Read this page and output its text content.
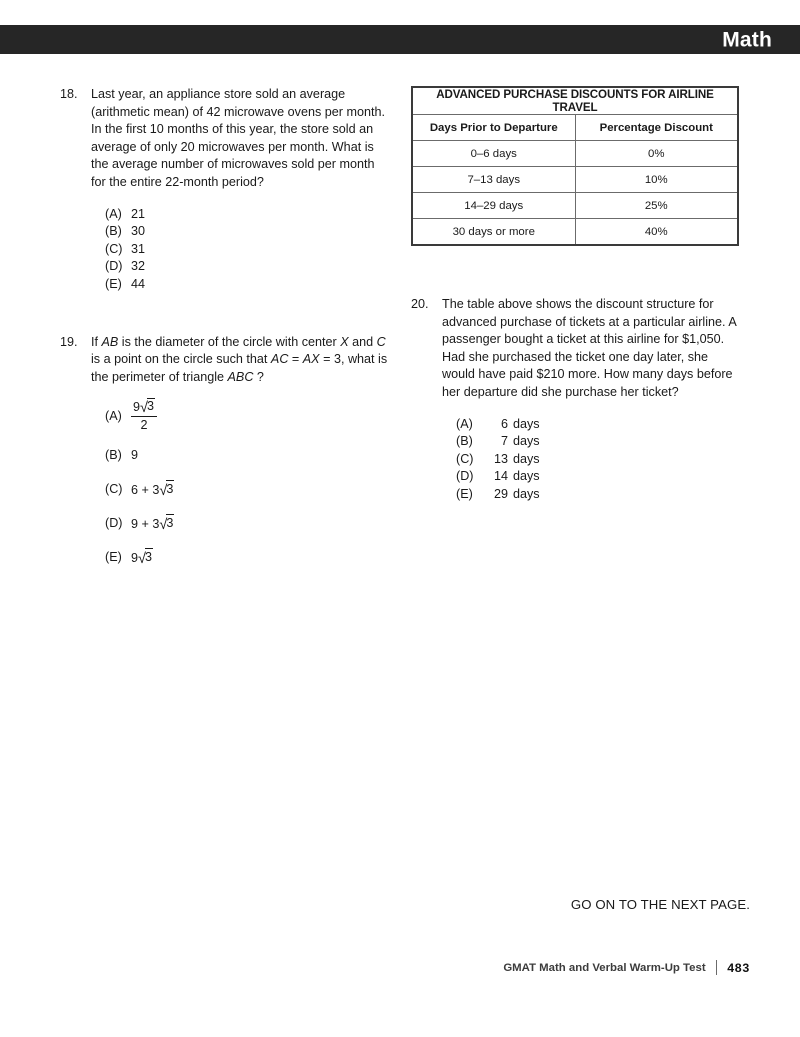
Math
18.	Last year, an appliance store sold an average (arithmetic mean) of 42 microwave ovens per month. In the first 10 months of this year, the store sold an average of only 20 microwaves per month. What is the average number of microwaves sold per month for the entire 22-month period?
(A) 21
(B) 30
(C) 31
(D) 32
(E) 44
19.	If AB is the diameter of the circle with center X and C is a point on the circle such that AC = AX = 3, what is the perimeter of triangle ABC ?
$(A) \frac{9√3}{2}$
(B) 9
(C) 6 + 3√3
(D) 9 + 3√3
(E) 9√3
ADVANCED PURCHASE DISCOUNTS FOR AIRLINE TRAVEL	
Days Prior to Departure	Percentage Discount
0–6 days	0%
7–13 days	10%
14–29 days	25%
30 days or more	40%
20.	The table above shows the discount structure for advanced purchase of tickets at a particular airline. A passenger bought a ticket at this airline for $1,050. Had she purchased the ticket one day later, she would have paid $210 more. How many days before her departure did she purchase her ticket?
(A)	6 days
(B)	7 days
(C)	13 days
(D)	14 days
(E)	29 days
GO ON TO THE NEXT PAGE.
GMAT Math and Verbal Warm-Up Test 483
